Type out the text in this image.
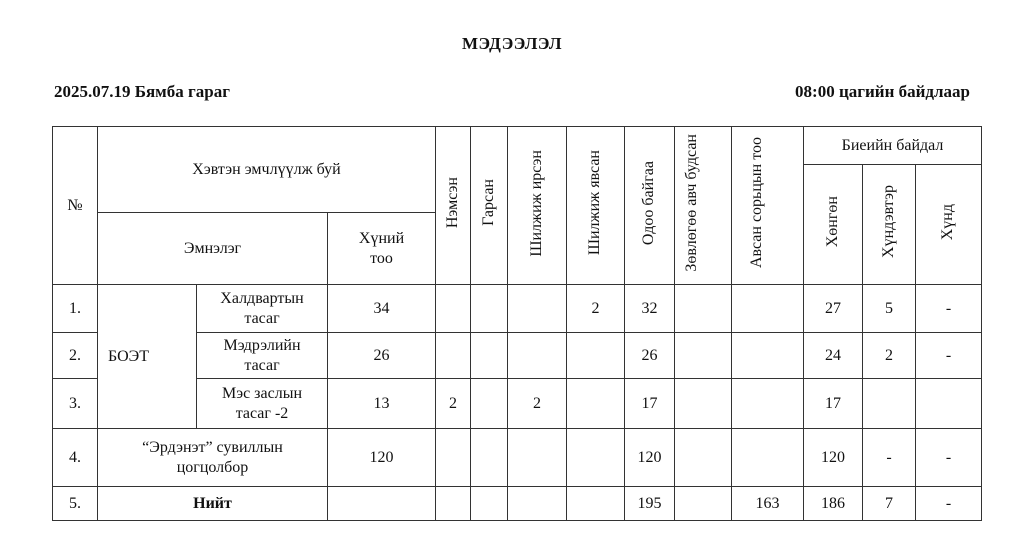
МЭДЭЭЛЭЛ
2025.07.19 Бямба гараг	08:00 цагийн байдлаар
№	Хэвтэн эмчлүүлж буй			Нэмсэн	Гарсан	Шилжиж ирсэн	Шилжиж явсан	Одоо байгаа	Зөвлөгөө авч будсан	Авсан сорьцын тоо	Биеийн байдал		
											Хөнгөн	Хүндэвтэр	Хүнд
	Эмнэлэг		Хүний тоо										

1.	БОЭТ	Халдвартын тасаг	34				2	32			27	5	-
2.		Мэдрэлийн тасаг	26					26			24	2	-
3.		Мэс заслын тасаг -2	13	2		2		17			17		
4.	“Эрдэнэт” сувиллын цогцолбор		120					120			120	-	-
5.	Нийт							195		163	186	7	-
